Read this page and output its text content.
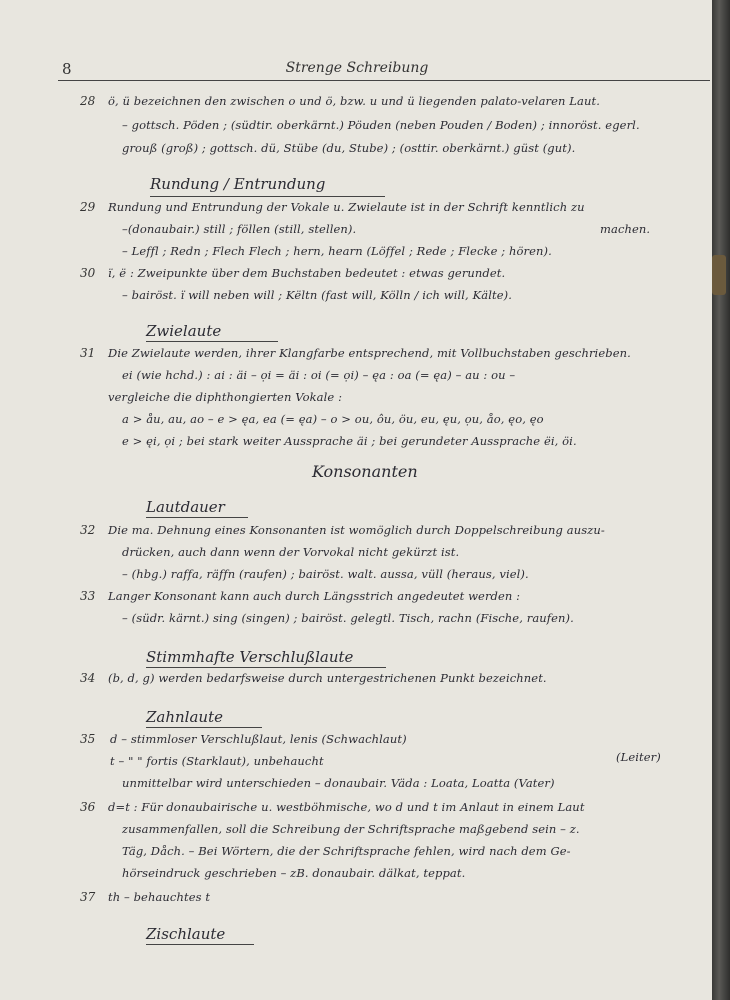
8	Strenge Schreibung
28 ö, ü bezeichnen den zwischen o und ö, bzw. u und ü liegenden palato-velaren Laut.
– gottsch. Pöden ; (südtir. oberkärnt.) Pöuden (neben Pouden / Boden) ; innoröst. egerl.
grouß (groß) ; gottsch. dü, Stübe (du, Stube) ; (osttir. oberkärnt.) güst (gut).
Rundung / Entrundung
29 Rundung und Entrundung der Vokale u. Zwielaute ist in der Schrift kenntlich zu
–(donaubair.) still ; föllen (still, stellen).	machen.
– Leffl ; Redn ; Flech Flech ; hern, hearn (Löffel ; Rede ; Flecke ; hören).
30 ï, ë : Zweipunkte über dem Buchstaben bedeutet : etwas gerundet.
– bairöst. ï will neben will ; Këltn (fast will, Kölln / ich will, Kälte).
Zwielaute
31 Die Zwielaute werden, ihrer Klangfarbe entsprechend, mit Vollbuchstaben geschrieben.
ei (wie hchd.) : ai : äi – ọi = äi : oi (= ọi) – ęa : oa (= ęa) – au : ou –
vergleiche die diphthongierten Vokale :
a > åu, au, ao – e > ęa, ea (= ęa) – o > ou, ôu, öu, eu, ęu, ọu, åo, ęo, ęo
e > ęi, ọi ; bei stark weiter Aussprache äi ; bei gerundeter Aussprache ëi, öi.
Konsonanten
Lautdauer
32 Die ma. Dehnung eines Konsonanten ist womöglich durch Doppelschreibung auszu-
drücken, auch dann wenn der Vorvokal nicht gekürzt ist.
– (hbg.) raffa, räffn (raufen) ; bairöst. walt. aussa, vüll (heraus, viel).
33 Langer Konsonant kann auch durch Längsstrich angedeutet werden :
– (südr. kärnt.) sing (singen) ; bairöst. gelegtl. Tisch, rachn (Fische, raufen).
Stimmhafte Verschlußlaute
34 (b, d, g) werden bedarfsweise durch untergestrichenen Punkt bezeichnet.
Zahnlaute
35 d – stimmloser Verschlußlaut, lenis (Schwachlaut)
t – " " fortis (Starklaut), unbehaucht	(Leiter)
unmittelbar wird unterschieden – donaubair. Väda : Loata, Loatta (Vater)
36 d=t : Für donaubairische u. westböhmische, wo d und t im Anlaut in einem Laut
zusammenfallen, soll die Schreibung der Schriftsprache maßgebend sein – z.
Täg, Dåch. – Bei Wörtern, die der Schriftsprache fehlen, wird nach dem Ge-
hörseindruck geschrieben – zB. donaubair. dälkat, teppat.
37 th – behauchtes t
Zischlaute
